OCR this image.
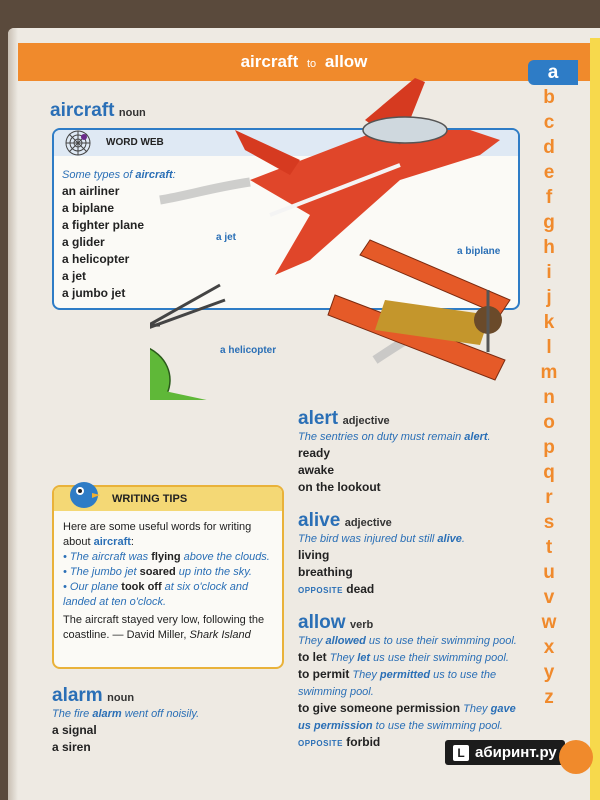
aircraft to allow
a
b
c
d
e
f
g
h
i
j
k
l
m
n
o
p
q
r
s
t
u
v
w
x
y
z
aircraft noun
WORD WEB
Some types of aircraft:
an airliner
a biplane
a fighter plane
a glider
a helicopter
a jet
a jumbo jet
a jet
a biplane
a helicopter
WRITING TIPS
Here are some useful words for writing about aircraft:
• The aircraft was flying above the clouds.
• The jumbo jet soared up into the sky.
• Our plane took off at six o'clock and landed at ten o'clock.
The aircraft stayed very low, following the coastline. — David Miller, Shark Island
alarm noun
The fire alarm went off noisily.
a signal
a siren
alert adjective
The sentries on duty must remain alert.
ready
awake
on the lookout
alive adjective
The bird was injured but still alive.
living
breathing
OPPOSITE dead
allow verb
They allowed us to use their swimming pool.
to let They let us use their swimming pool.
to permit They permitted us to use the swimming pool.
to give someone permission They gave us permission to use the swimming pool.
OPPOSITE forbid
L абиринт.ру
